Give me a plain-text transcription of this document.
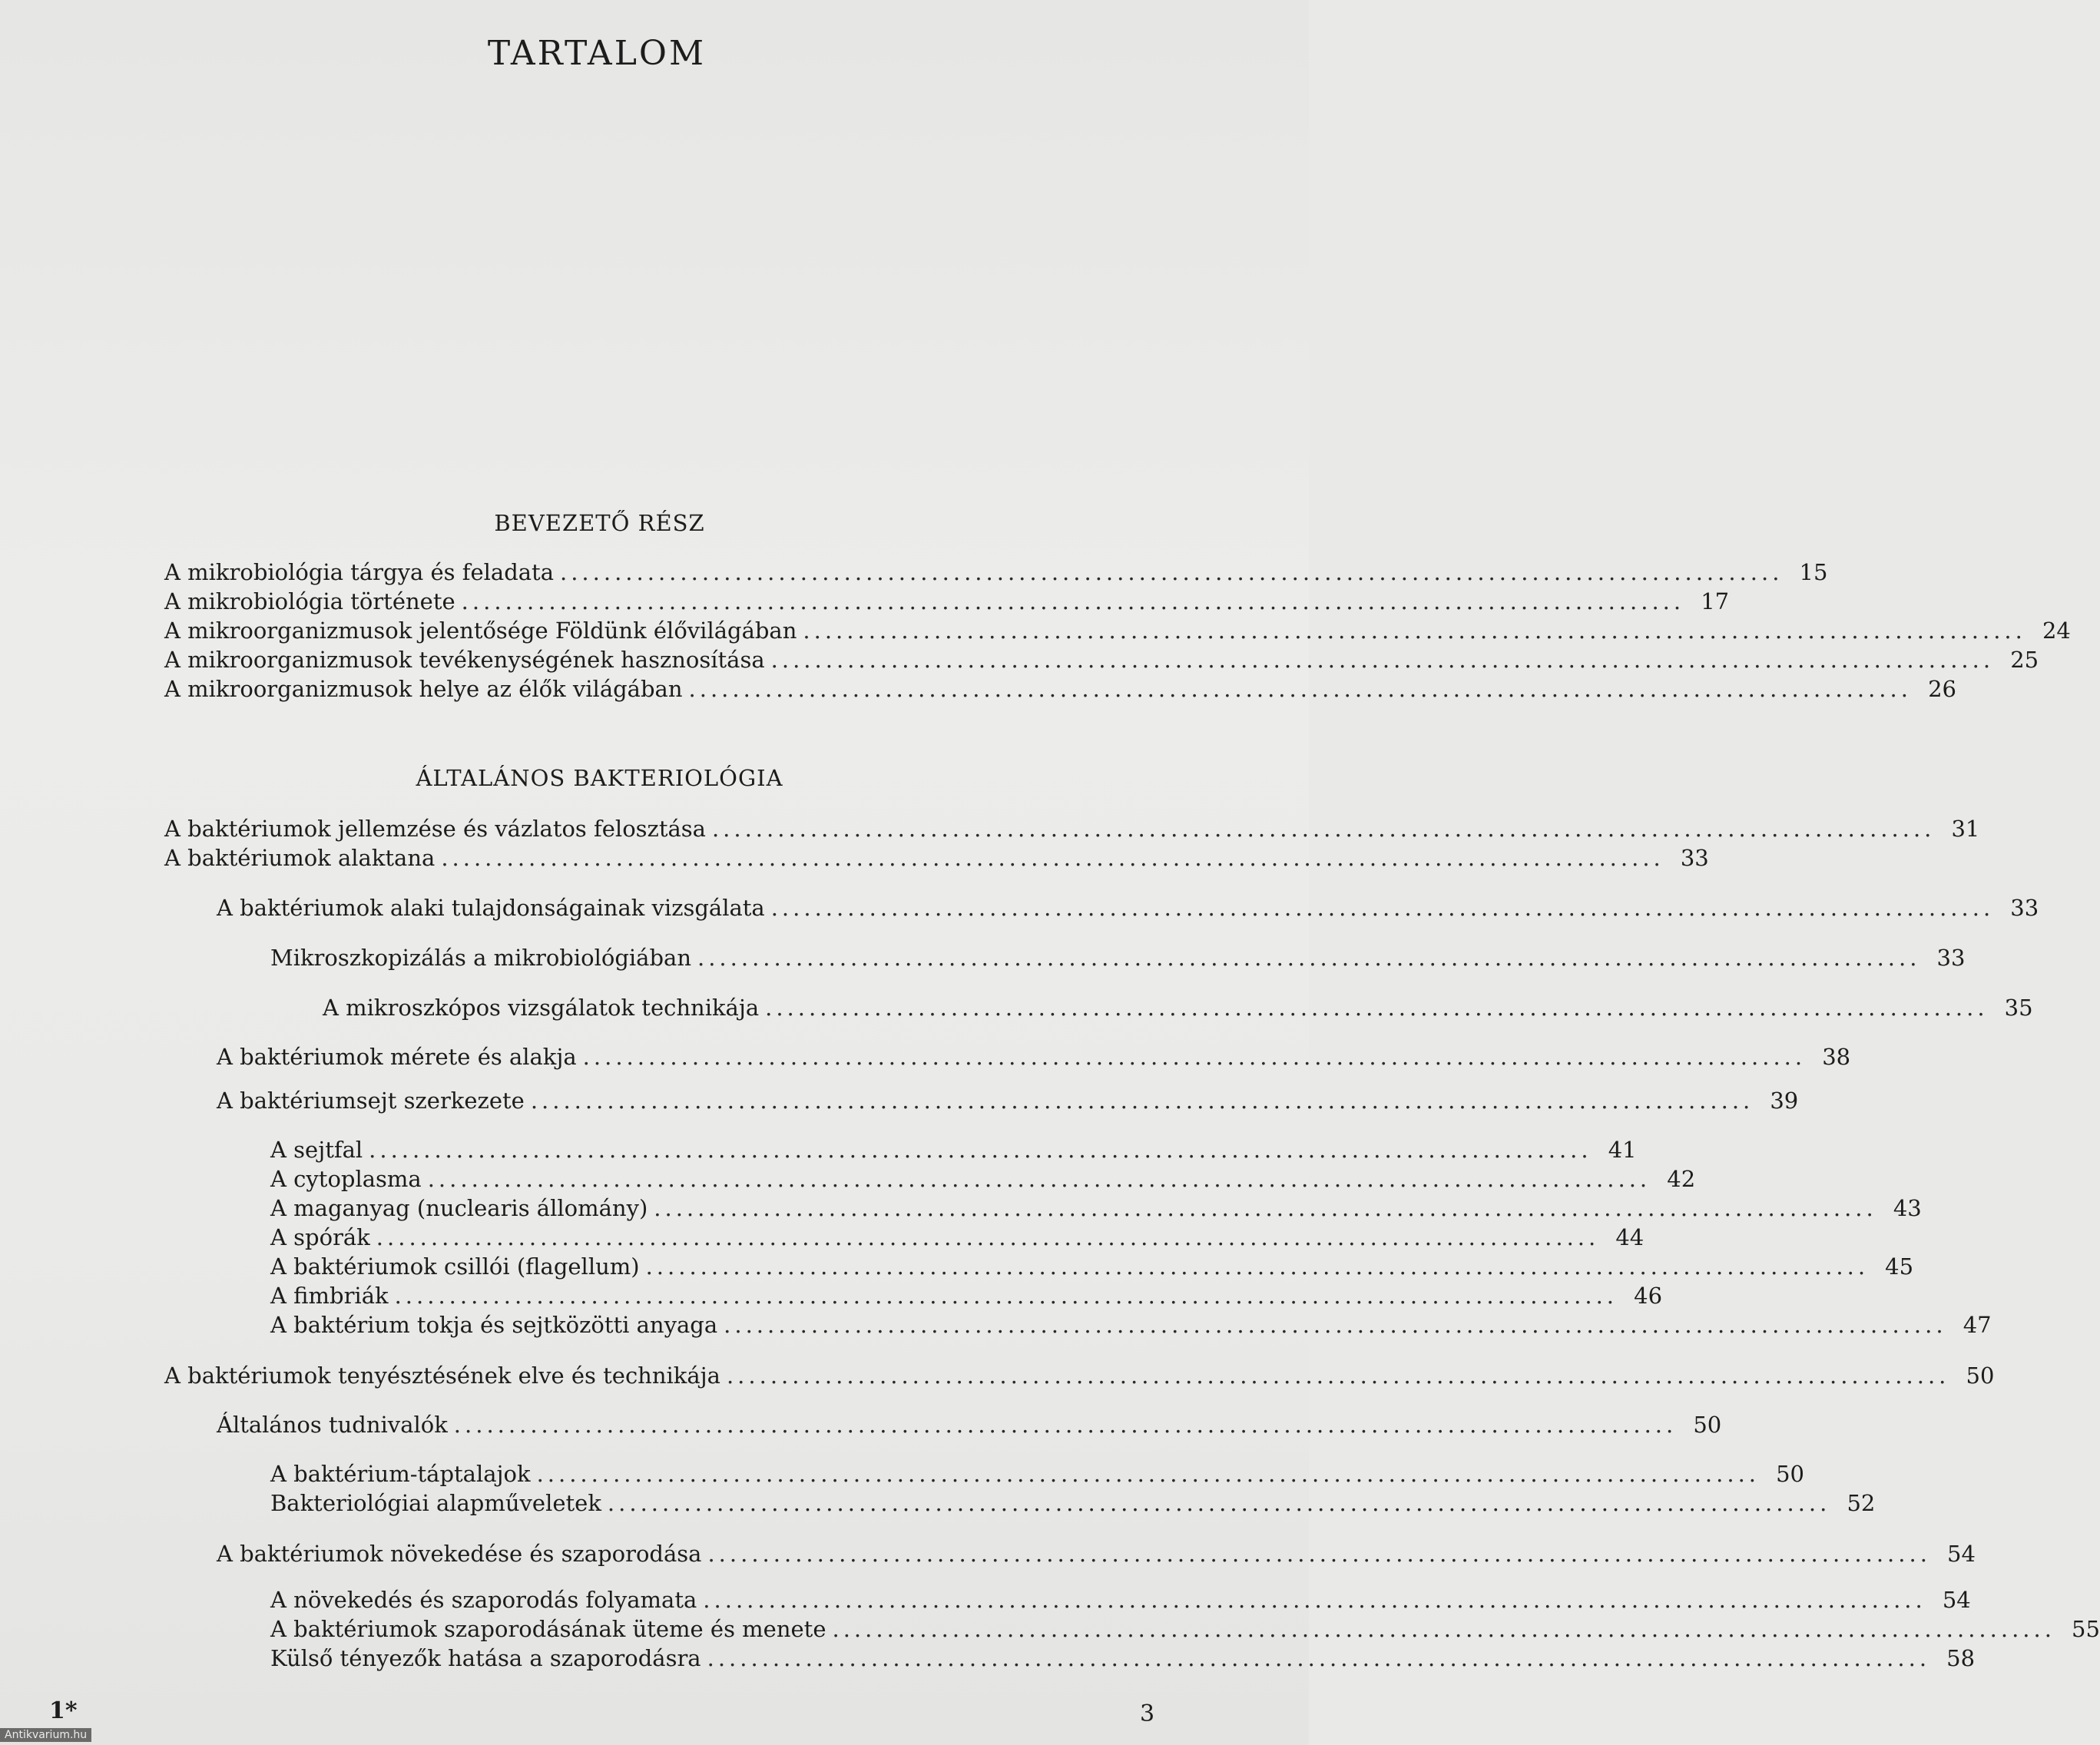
TARTALOM
BEVEZETŐ RÉSZ
A mikrobiológia tárgya és feladata ................................................................................................................ 15
A mikrobiológia története ................................................................................................................ 17
A mikroorganizmusok jelentősége Földünk élővilágában ................................................................................................................ 24
A mikroorganizmusok tevékenységének hasznosítása ................................................................................................................ 25
A mikroorganizmusok helye az élők világában ................................................................................................................ 26
ÁLTALÁNOS BAKTERIOLÓGIA
A baktériumok jellemzése és vázlatos felosztása ................................................................................................................ 31
A baktériumok alaktana ................................................................................................................ 33
A baktériumok alaki tulajdonságainak vizsgálata ................................................................................................................ 33
Mikroszkopizálás a mikrobiológiában ................................................................................................................ 33
A mikroszkópos vizsgálatok technikája ................................................................................................................ 35
A baktériumok mérete és alakja ................................................................................................................ 38
A baktériumsejt szerkezete ................................................................................................................ 39
A sejtfal ................................................................................................................ 41
A cytoplasma ................................................................................................................ 42
A maganyag (nuclearis állomány) ................................................................................................................ 43
A spórák ................................................................................................................ 44
A baktériumok csillói (flagellum) ................................................................................................................ 45
A fimbriák ................................................................................................................ 46
A baktérium tokja és sejtközötti anyaga ................................................................................................................ 47
A baktériumok tenyésztésének elve és technikája ................................................................................................................ 50
Általános tudnivalók ................................................................................................................ 50
A baktérium-táptalajok ................................................................................................................ 50
Bakteriológiai alapműveletek ................................................................................................................ 52
A baktériumok növekedése és szaporodása ................................................................................................................ 54
A növekedés és szaporodás folyamata ................................................................................................................ 54
A baktériumok szaporodásának üteme és menete ................................................................................................................ 55
Külső tényezők hatása a szaporodásra ................................................................................................................ 58
1*	3
Antikvarium.hu
